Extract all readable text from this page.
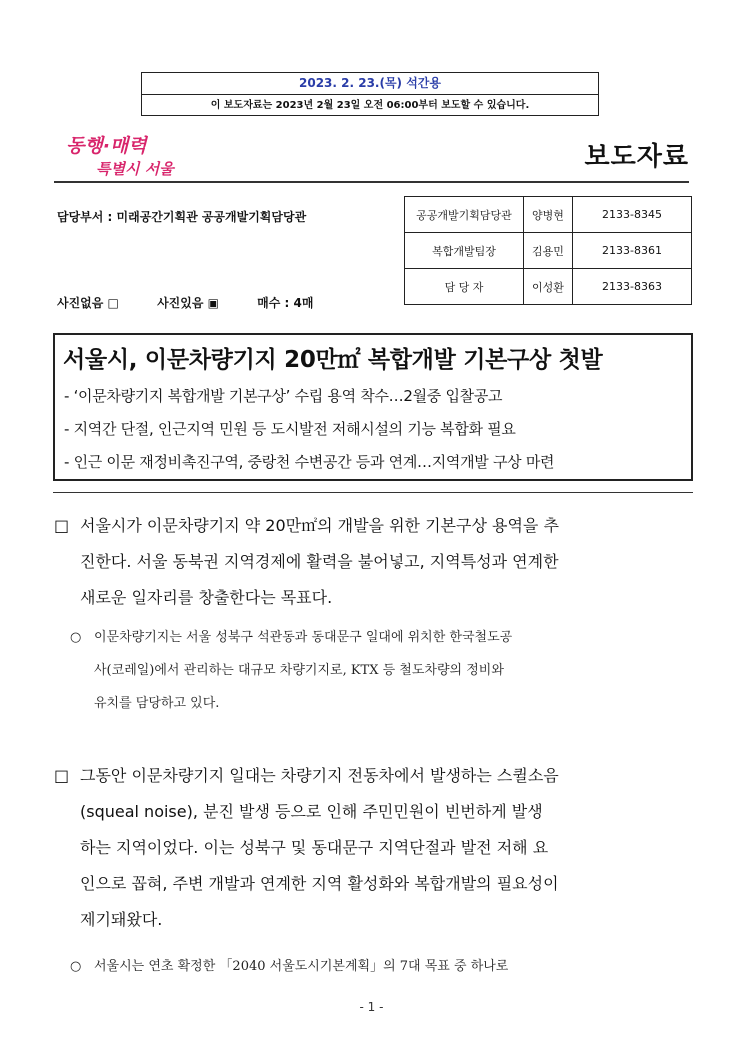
2023. 2. 23.(목) 석간용
이 보도자료는 2023년 2월 23일 오전 06:00부터 보도할 수 있습니다.
동행·매력
특별시 서울	보도자료
담당부서 : 미래공간기획관 공공개발기획담당관
사진없음 □	사진있음 ▣	매수 : 4매
공공개발기획담당관	양병현	2133-8345
복합개발팀장	김용민	2133-8361
담 당 자	이성환	2133-8363
서울시, 이문차량기지 20만㎡ 복합개발 기본구상 첫발
- ‘이문차량기지 복합개발 기본구상’ 수립 용역 착수…2월중 입찰공고
- 지역간 단절, 인근지역 민원 등 도시발전 저해시설의 기능 복합화 필요
- 인근 이문 재정비촉진구역, 중랑천 수변공간 등과 연계…지역개발 구상 마련
□ 서울시가 이문차량기지 약 20만㎡의 개발을 위한 기본구상 용역을 추
진한다. 서울 동북권 지역경제에 활력을 불어넣고, 지역특성과 연계한
새로운 일자리를 창출한다는 목표다.
○ 이문차량기지는 서울 성북구 석관동과 동대문구 일대에 위치한 한국철도공
사(코레일)에서 관리하는 대규모 차량기지로, KTX 등 철도차량의 정비와
유치를 담당하고 있다.
□ 그동안 이문차량기지 일대는 차량기지 전동차에서 발생하는 스퀼소음
(squeal noise), 분진 발생 등으로 인해 주민민원이 빈번하게 발생
하는 지역이었다. 이는 성북구 및 동대문구 지역단절과 발전 저해 요
인으로 꼽혀, 주변 개발과 연계한 지역 활성화와 복합개발의 필요성이
제기돼왔다.
○ 서울시는 연초 확정한 「2040 서울도시기본계획」의 7대 목표 중 하나로
- 1 -
